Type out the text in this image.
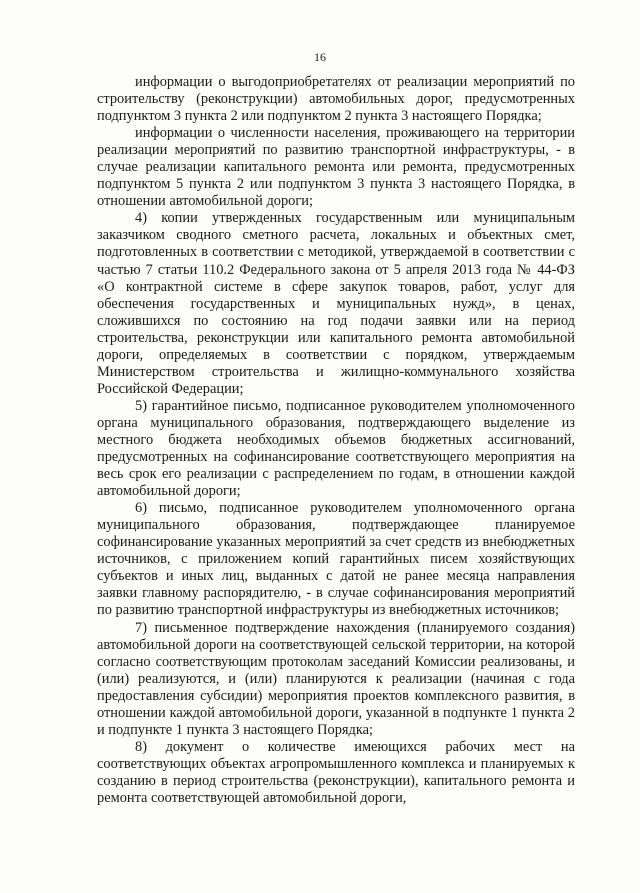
16

информации о выгодоприобретателях от реализации мероприятий по строительству (реконструкции) автомобильных дорог, предусмотренных подпунктом 3 пункта 2 или подпунктом 2 пункта 3 настоящего Порядка;

информации о численности населения, проживающего на территории реализации мероприятий по развитию транспортной инфраструктуры, - в случае реализации капитального ремонта или ремонта, предусмотренных подпунктом 5 пункта 2 или подпунктом 3 пункта 3 настоящего Порядка, в отношении автомобильной дороги;

4) копии утвержденных государственным или муниципальным заказчиком сводного сметного расчета, локальных и объектных смет, подготовленных в соответствии с методикой, утверждаемой в соответствии с частью 7 статьи 110.2 Федерального закона от 5 апреля 2013 года № 44-ФЗ «О контрактной системе в сфере закупок товаров, работ, услуг для обеспечения государственных и муниципальных нужд», в ценах, сложившихся по состоянию на год подачи заявки или на период строительства, реконструкции или капитального ремонта автомобильной дороги, определяемых в соответствии с порядком, утверждаемым Министерством строительства и жилищно-коммунального хозяйства Российской Федерации;

5) гарантийное письмо, подписанное руководителем уполномоченного органа муниципального образования, подтверждающего выделение из местного бюджета необходимых объемов бюджетных ассигнований, предусмотренных на софинансирование соответствующего мероприятия на весь срок его реализации с распределением по годам, в отношении каждой автомобильной дороги;

6) письмо, подписанное руководителем уполномоченного органа муниципального образования, подтверждающее планируемое софинансирование указанных мероприятий за счет средств из внебюджетных источников, с приложением копий гарантийных писем хозяйствующих субъектов и иных лиц, выданных с датой не ранее месяца направления заявки главному распорядителю, - в случае софинансирования мероприятий по развитию транспортной инфраструктуры из внебюджетных источников;

7) письменное подтверждение нахождения (планируемого создания) автомобильной дороги на соответствующей сельской территории, на которой согласно соответствующим протоколам заседаний Комиссии реализованы, и (или) реализуются, и (или) планируются к реализации (начиная с года предоставления субсидии) мероприятия проектов комплексного развития, в отношении каждой автомобильной дороги, указанной в подпункте 1 пункта 2 и подпункте 1 пункта 3 настоящего Порядка;

8) документ о количестве имеющихся рабочих мест на соответствующих объектах агропромышленного комплекса и планируемых к созданию в период строительства (реконструкции), капитального ремонта и ремонта соответствующей автомобильной дороги,
